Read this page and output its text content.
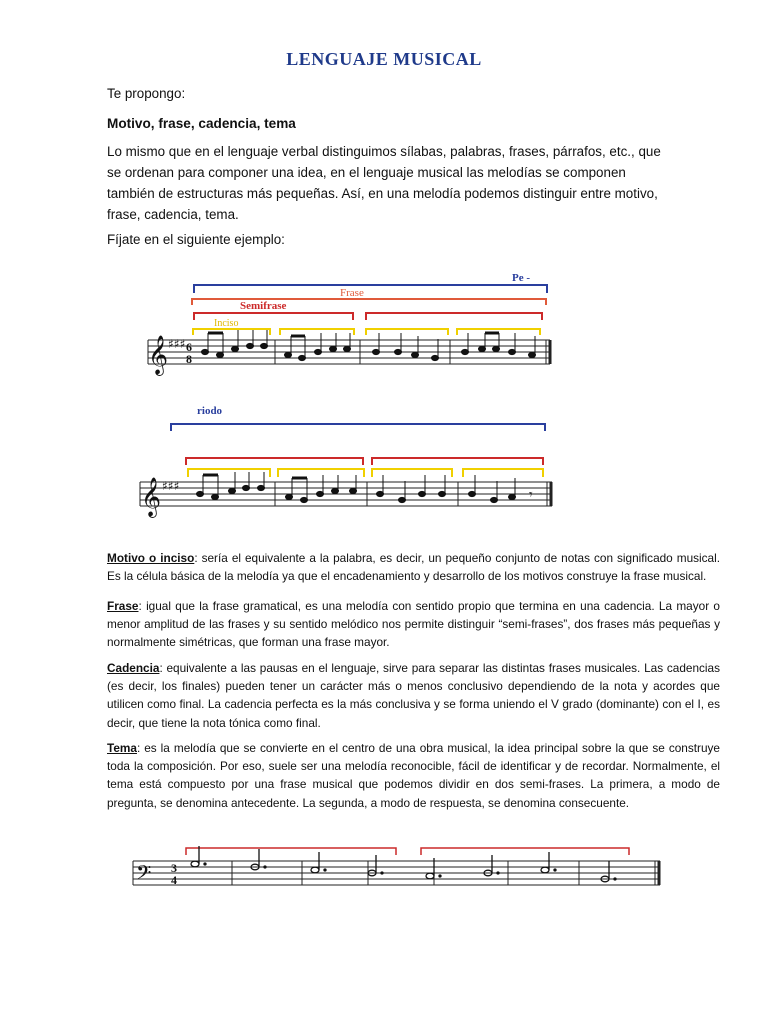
LENGUAJE MUSICAL
Te propongo:
Motivo, frase, cadencia, tema
Lo mismo que en el lenguaje verbal distinguimos sílabas, palabras, frases, párrafos, etc., que se ordenan para componer una idea, en el lenguaje musical las melodías se componen también de estructuras más pequeñas. Así, en una melodía podemos distinguir entre motivo, frase, cadencia, tema.
Fíjate en el siguiente ejemplo:
Pe -
riodo
Frase
Semifrase
Inciso
𝄞 ♯♯♯ 6
8
𝄞 ♯♯♯
𝄾
𝄢 3
4
Motivo o inciso: sería el equivalente a la palabra, es decir, un pequeño conjunto de notas con significado musical. Es la célula básica de la melodía ya que el encadenamiento y desarrollo de los motivos construye la frase musical.
Frase: igual que la frase gramatical, es una melodía con sentido propio que termina en una cadencia. La mayor o menor amplitud de las frases y su sentido melódico nos permite distinguir “semi-frases”, dos frases más pequeñas y normalmente simétricas, que forman una frase mayor.
Cadencia: equivalente a las pausas en el lenguaje, sirve para separar las distintas frases musicales. Las cadencias (es decir, los finales) pueden tener un carácter más o menos conclusivo dependiendo de la nota y acordes que utilicen como final. La cadencia perfecta es la más conclusiva y se forma uniendo el V grado (dominante) con el I, es decir, que tiene la nota tónica como final.
Tema: es la melodía que se convierte en el centro de una obra musical, la idea principal sobre la que se construye toda la composición. Por eso, suele ser una melodía reconocible, fácil de identificar y de recordar. Normalmente, el tema está compuesto por una frase musical que podemos dividir en dos semi-frases. La primera, a modo de pregunta, se denomina antecedente. La segunda, a modo de respuesta, se denomina consecuente.
